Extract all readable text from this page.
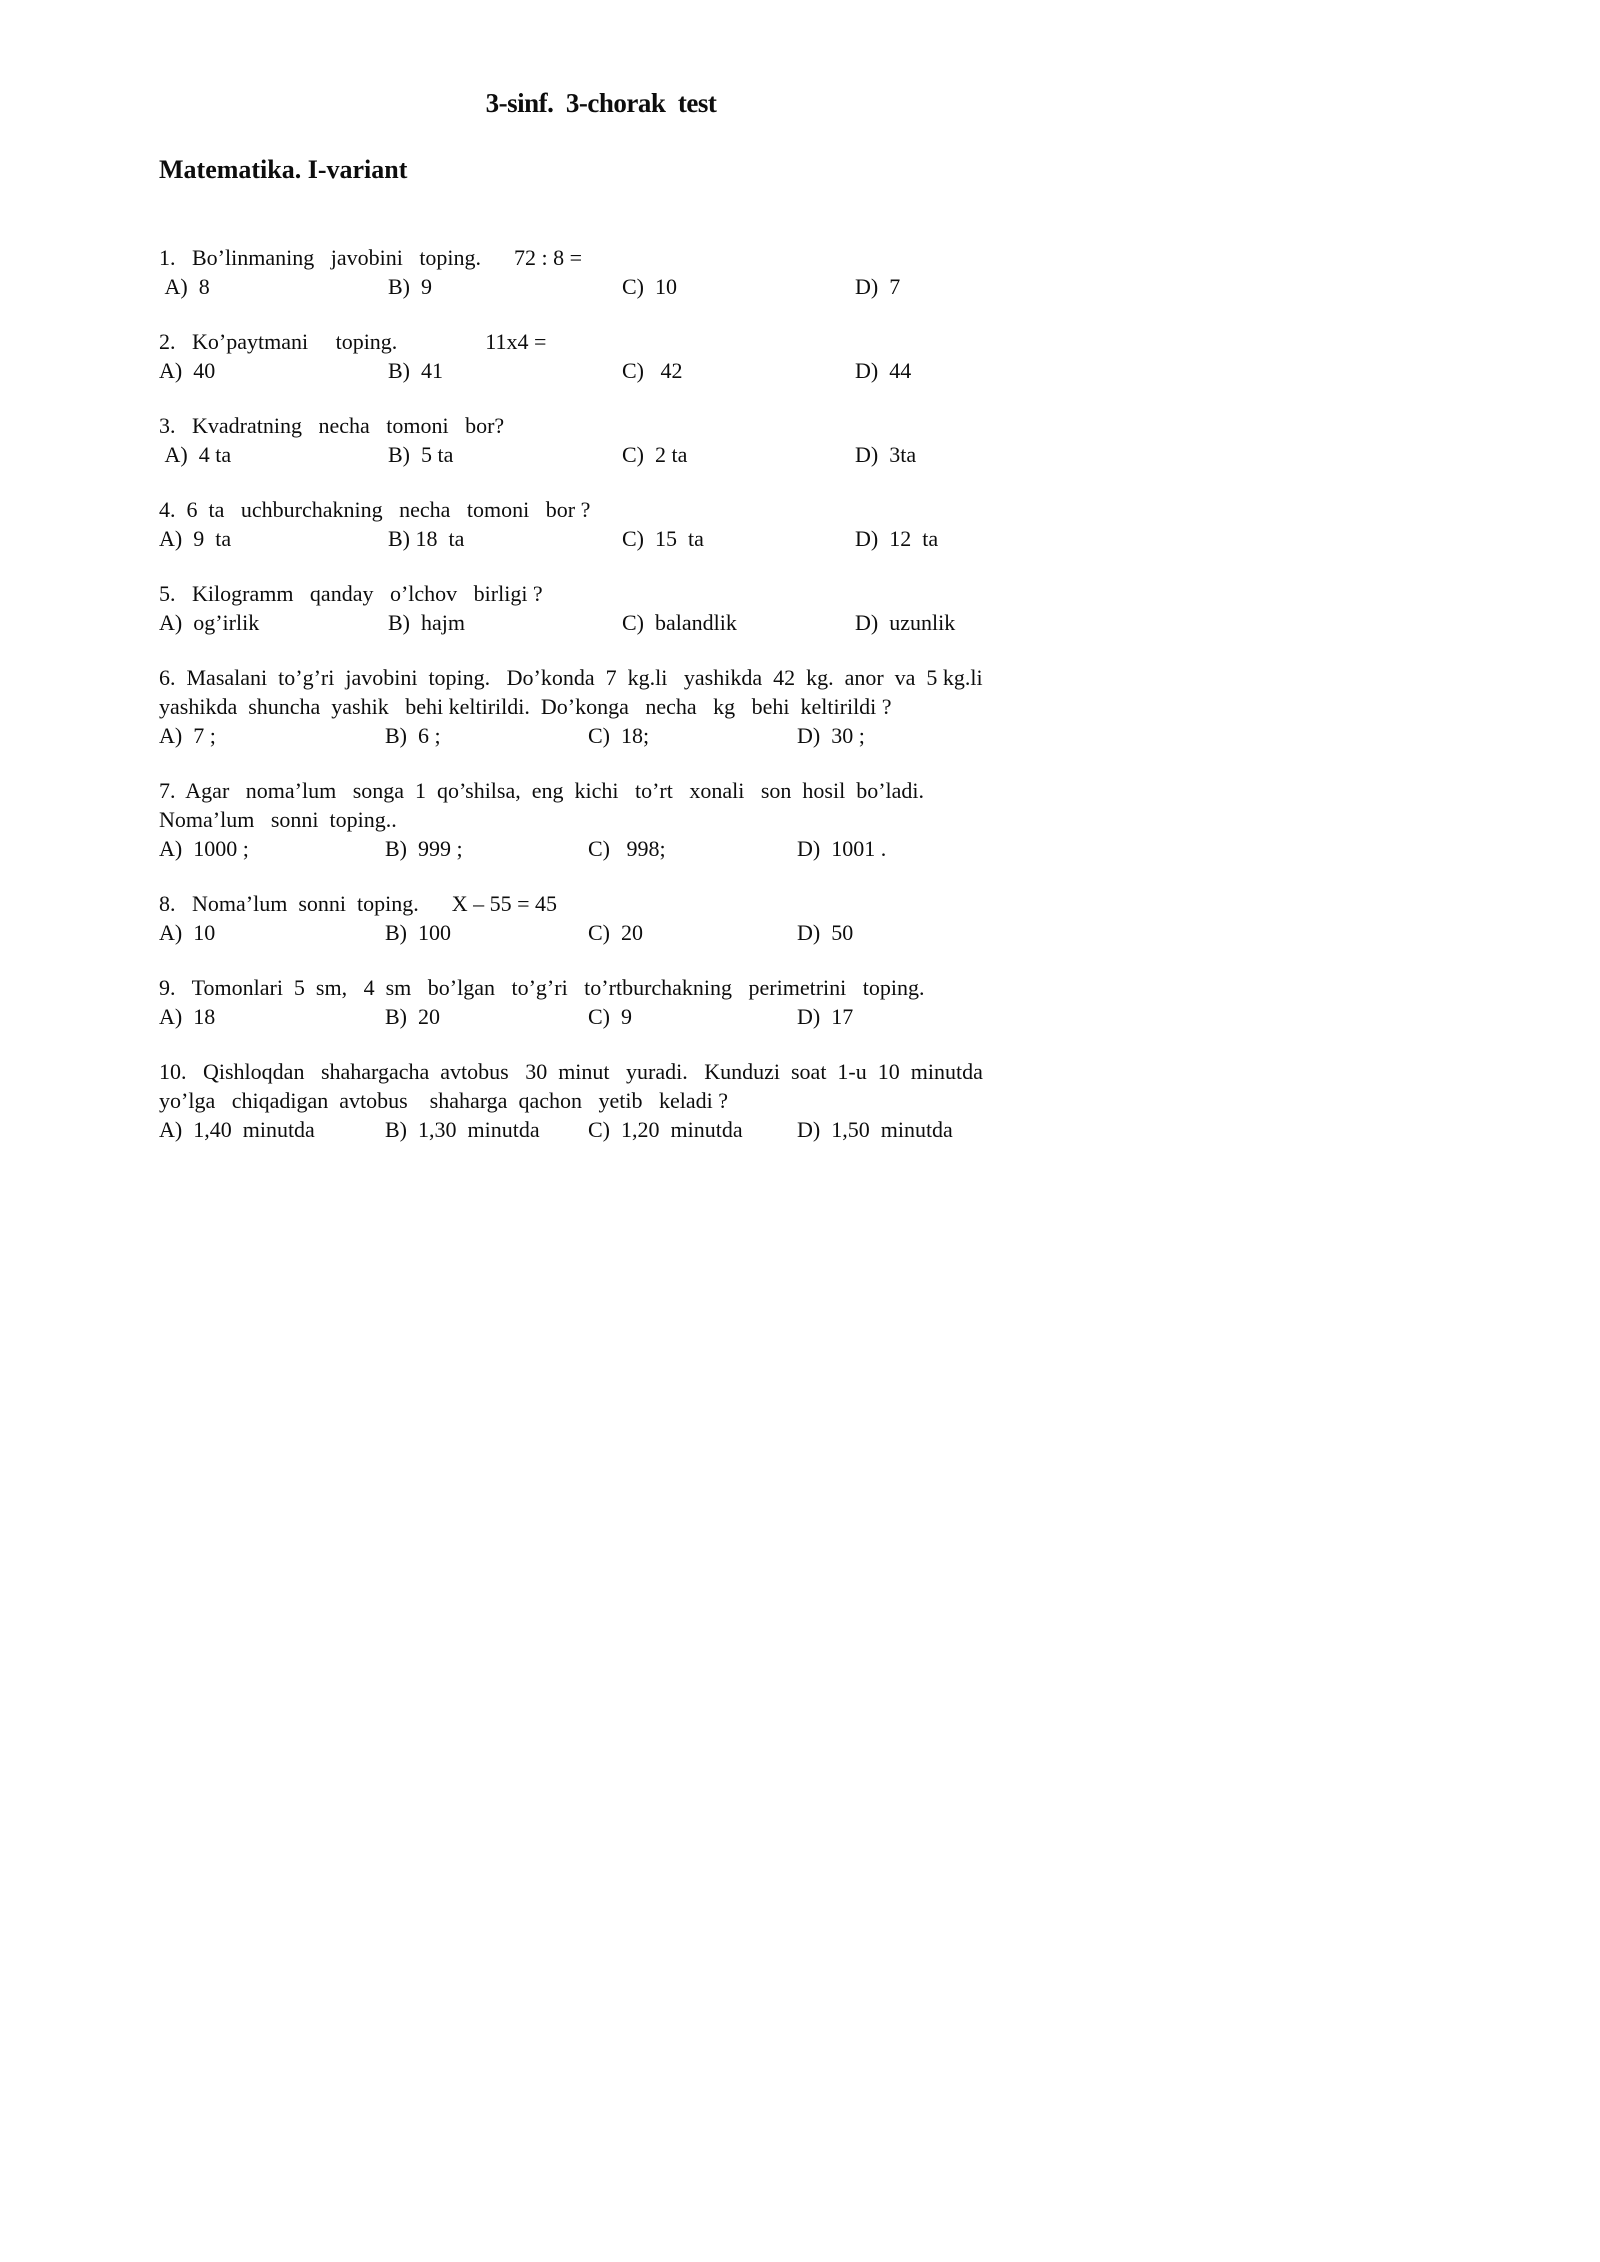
3-sinf.  3-chorak  test
Matematika. I-variant
1.   Bo’linmaning   javobini   toping.      72 : 8 =
A)  8	B)  9	C)  10	D)  7
2.   Ko’paytmani     toping.                11x4 =
A)  40	B)  41	C)   42	D)  44
3.   Kvadratning   necha   tomoni   bor?
A)  4 ta	B)  5 ta	C)  2 ta	D)  3ta
4.  6  ta   uchburchakning   necha   tomoni   bor ?
A)  9  ta	B) 18  ta	C)  15  ta	D)  12  ta
5.   Kilogramm   qanday   o’lchov   birligi ?
A)  og’irlik	B)  hajm	C)  balandlik	D)  uzunlik
6.  Masalani  to’g’ri  javobini  toping.   Do’konda  7  kg.li   yashikda  42  kg.  anor  va  5 kg.li
yashikda  shuncha  yashik   behi keltirildi.  Do’konga   necha   kg   behi  keltirildi ?
A)  7 ;	B)  6 ;	C)  18;	D)  30 ;
7.  Agar   noma’lum   songa  1  qo’shilsa,  eng  kichi   to’rt   xonali   son  hosil  bo’ladi.
Noma’lum   sonni  toping..
A)  1000 ;	B)  999 ;	C)   998;	D)  1001 .
8.   Noma’lum  sonni  toping.      X – 55 = 45
A)  10	B)  100	C)  20	D)  50
9.   Tomonlari  5  sm,   4  sm   bo’lgan   to’g’ri   to’rtburchakning   perimetrini   toping.
A)  18	B)  20	C)  9	D)  17
10.   Qishloqdan   shahargacha  avtobus   30  minut   yuradi.   Kunduzi  soat  1-u  10  minutda
yo’lga   chiqadigan  avtobus    shaharga  qachon   yetib   keladi ?
A)  1,40  minutda	B)  1,30  minutda	C)  1,20  minutda	D)  1,50  minutda
